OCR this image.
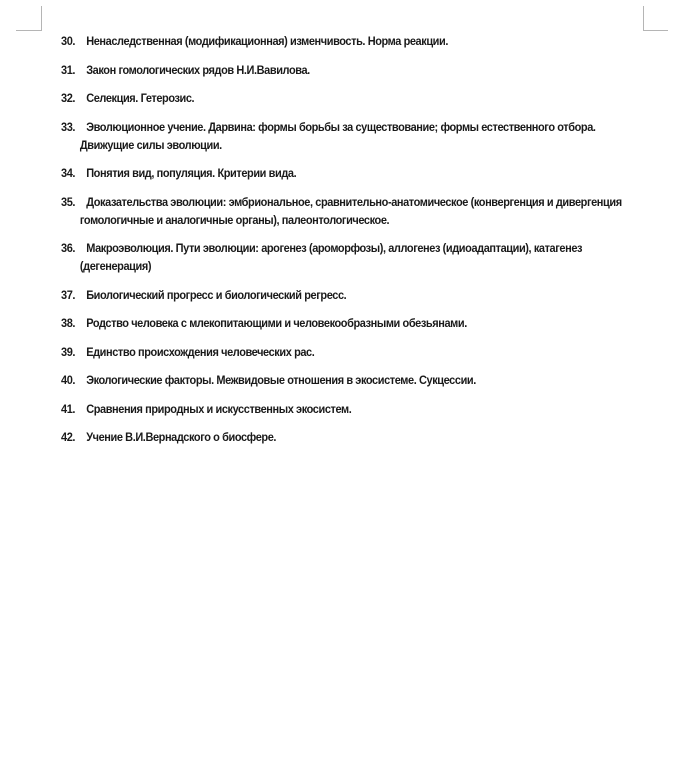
30. Ненаследственная (модификационная) изменчивость. Норма реакции.
31. Закон гомологических рядов Н.И.Вавилова.
32. Селекция. Гетерозис.
33. Эволюционное учение. Дарвина: формы борьбы за существование; формы естественного отбора. Движущие силы эволюции.
34. Понятия вид, популяция. Критерии вида.
35. Доказательства эволюции: эмбриональное, сравнительно-анатомическое (конвергенция и дивергенция гомологичные и аналогичные органы), палеонтологическое.
36. Макроэволюция. Пути эволюции: арогенез (ароморфозы), аллогенез (идиоадаптации), катагенез (дегенерация)
37. Биологический прогресс и биологический регресс.
38. Родство человека с млекопитающими и человекообразными обезьянами.
39. Единство происхождения человеческих рас.
40. Экологические факторы. Межвидовые отношения в экосистеме. Сукцессии.
41. Сравнения природных и искусственных экосистем.
42. Учение В.И.Вернадского о биосфере.
